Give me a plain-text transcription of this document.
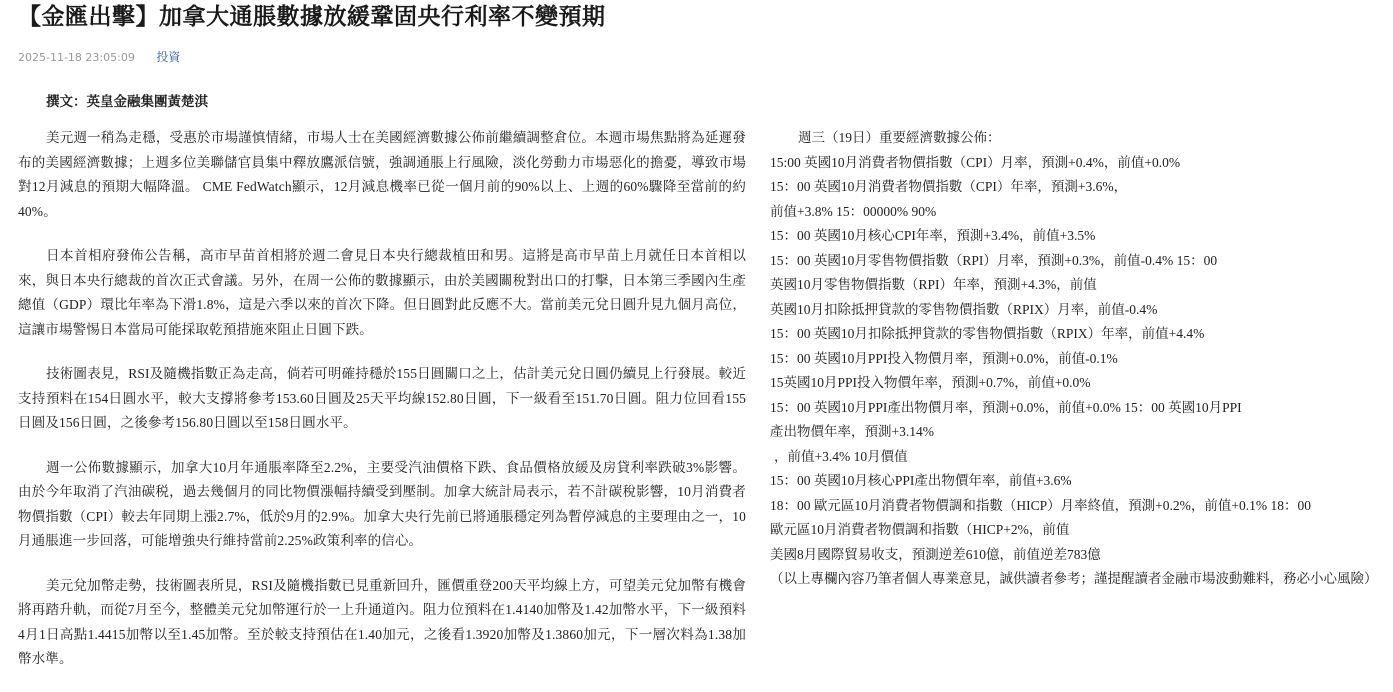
【金匯出擊】加拿大通脹數據放緩鞏固央行利率不變預期
2025-11-18 23:05:09 投資
撰文：英皇金融集團黃楚淇

美元週一稍為走穩，受惠於市場謹慎情緒，市場人士在美國經濟數據公佈前繼續調整倉位。本週市場焦點將為延遲發布的美國經濟數據；上週多位美聯儲官員集中釋放鷹派信號，強調通脹上行風險，淡化勞動力市場惡化的擔憂，導致市場對12月減息的預期大幅降溫。 CME FedWatch顯示，12月減息機率已從一個月前的90%以上、上週的60%驟降至當前的約40%。

日本首相府發佈公告稱，高市早苗首相將於週二會見日本央行總裁植田和男。這將是高市早苗上月就任日本首相以來，與日本央行總裁的首次正式會議。另外，在周一公佈的數據顯示，由於美國關稅對出口的打擊，日本第三季國內生產總值（GDP）環比年率為下滑1.8%，這是六季以來的首次下降。但日圓對此反應不大。當前美元兌日圓升見九個月高位，這讓市場警惕日本當局可能採取乾預措施來阻止日圓下跌。

技術圖表見，RSI及隨機指數正為走高，倘若可明確持穩於155日圓關口之上，估計美元兌日圓仍續見上行發展。較近支持預料在154日圓水平，較大支撐將參考153.60日圓及25天平均線152.80日圓，下一級看至151.70日圓。阻力位回看155日圓及156日圓，之後參考156.80日圓以至158日圓水平。

週一公佈數據顯示，加拿大10月年通脹率降至2.2%，主要受汽油價格下跌、食品價格放緩及房貸利率跌破3%影響。由於今年取消了汽油碳税，過去幾個月的同比物價漲幅持續受到壓制。加拿大統計局表示，若不計碳稅影響，10月消費者物價指數（CPI）較去年同期上漲2.7%，低於9月的2.9%。加拿大央行先前已將通脹穩定列為暫停減息的主要理由之一，10月通脹進一步回落，可能增強央行維持當前2.25%政策利率的信心。

美元兌加幣走勢，技術圖表所見，RSI及隨機指數已見重新回升，匯價重登200天平均線上方，可望美元兌加幣有機會將再踏升軌，而從7月至今，整體美元兌加幣運行於一上升通道內。阻力位預料在1.4140加幣及1.42加幣水平，下一級預料4月1日高點1.4415加幣以至1.45加幣。至於較支持預估在1.40加元，之後看1.3920加幣及1.3860加元，下一層次料為1.38加幣水準。

週三（19日）重要經濟數據公佈：
15:00 英國10月消費者物價指數（CPI）月率，預測+0.4%，前值+0.0%
15：00 英國10月消費者物價指數（CPI）年率，預測+3.6%，
前值+3.8% 15：00000% 90%
15：00 英國10月核心CPI年率，預測+3.4%，前值+3.5%
15：00 英國10月零售物價指數（RPI）月率，預測+0.3%，前值-0.4% 15：00
英國10月零售物價指數（RPI）年率，預測+4.3%，前值
英國10月扣除抵押貸款的零售物價指數（RPIX）月率，前值-0.4%
15：00 英國10月扣除抵押貸款的零售物價指數（RPIX）年率，前值+4.4%
15：00 英國10月PPI投入物價月率，預測+0.0%，前值-0.1%
15英國10月PPI投入物價年率，預測+0.7%，前值+0.0%
15：00 英國10月PPI產出物價月率，預測+0.0%，前值+0.0% 15：00 英國10月PPI
產出物價年率，預測+3.14%
，前值+3.4% 10月價值
15：00 英國10月核心PPI產出物價年率，前值+3.6%
18：00 歐元區10月消費者物價調和指數（HICP）月率終值，預測+0.2%，前值+0.1% 18：00
歐元區10月消費者物價調和指數（HICP+2%，前值
美國8月國際貿易收支，預測逆差610億，前值逆差783億
（以上專欄內容乃筆者個人專業意見，誠供讀者參考；謹提醒讀者金融市場波動難料，務必小心風險）
